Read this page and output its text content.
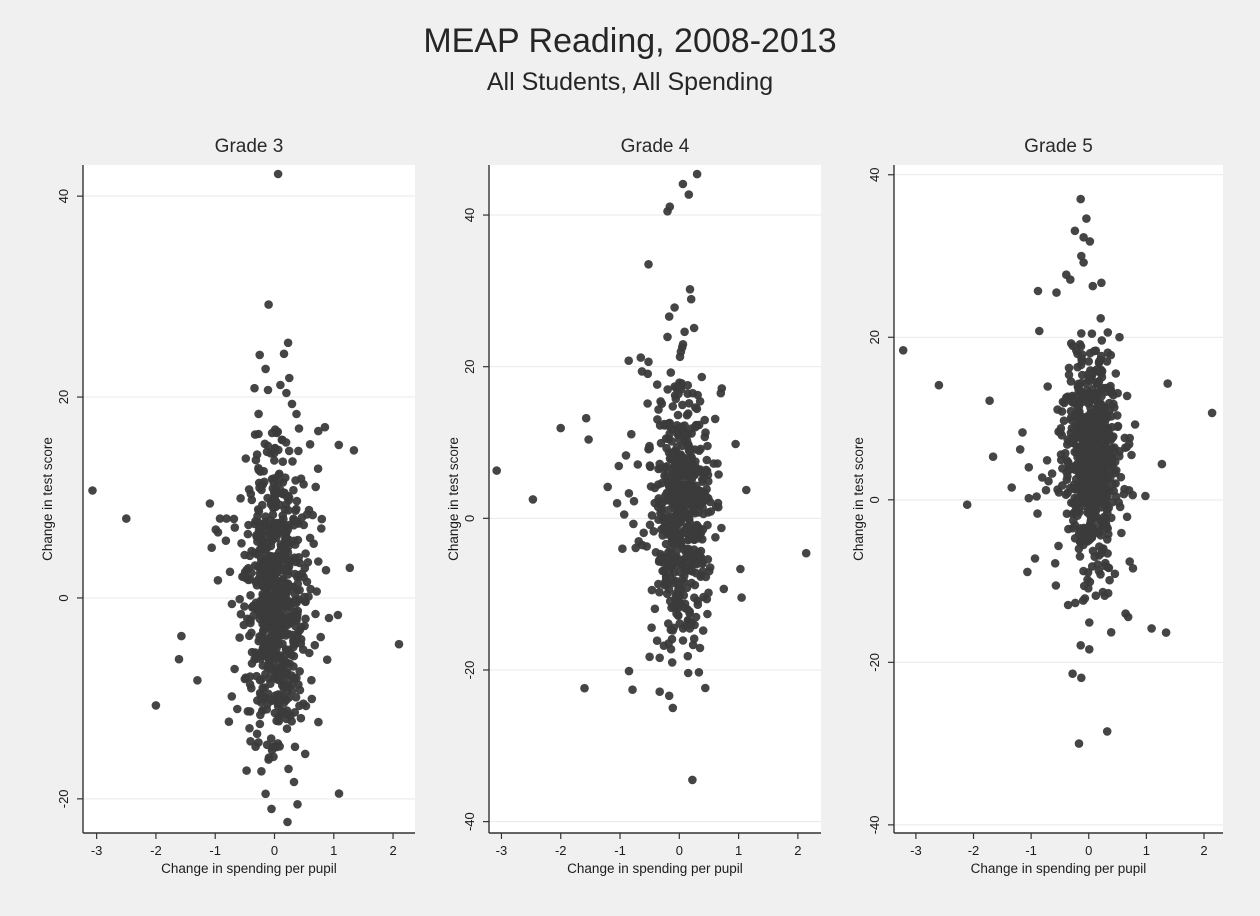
MEAP Reading, 2008-2013
All Students, All Spending
-20
0
20
40
-3	-2	-1	0	1	2
Grade 3
Change in spending per pupil
Change in test score
-40
-20
0
20
40
-3	-2	-1	0	1	2
Grade 4
Change in spending per pupil
Change in test score
-40
-20
0
20
40
-3	-2	-1	0	1	2
Grade 5
Change in spending per pupil
Change in test score
